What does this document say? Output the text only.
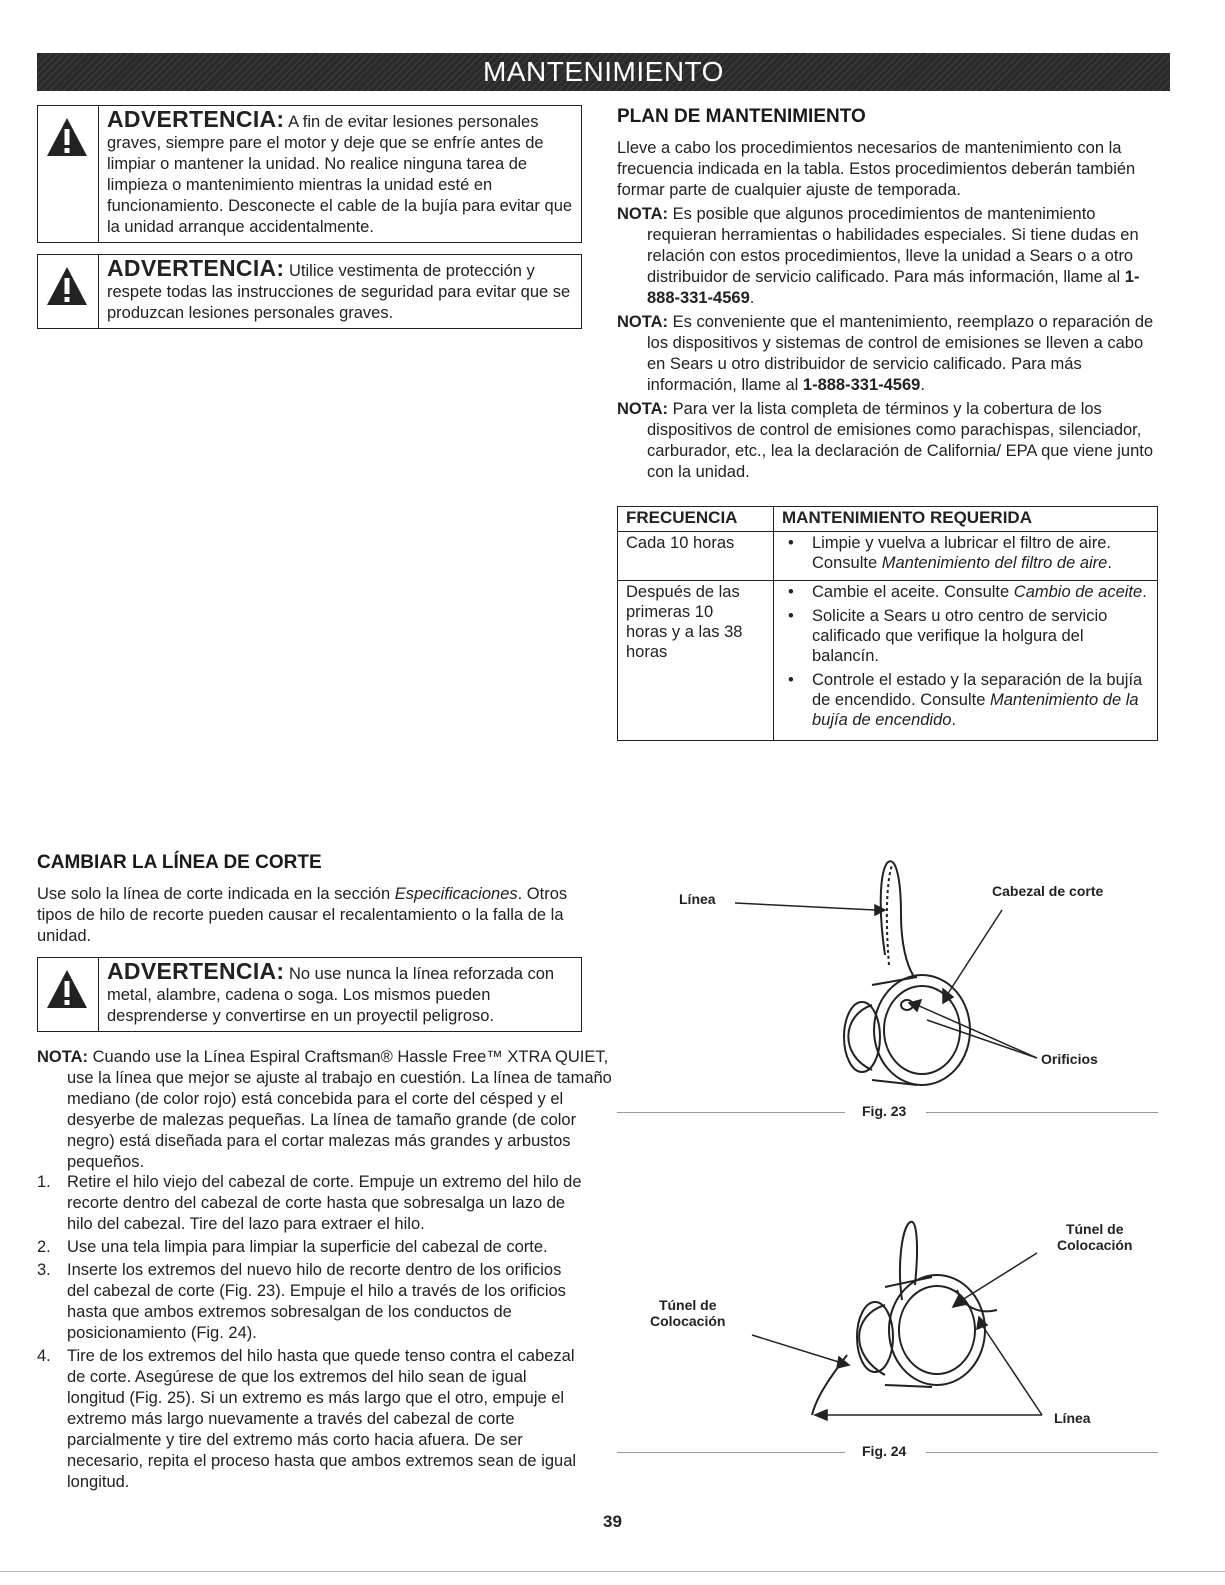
MANTENIMIENTO
ADVERTENCIA: A fin de evitar lesiones personales graves, siempre pare el motor y deje que se enfríe antes de limpiar o mantener la unidad. No realice ninguna tarea de limpieza o mantenimiento mientras la unidad esté en funcionamiento. Desconecte el cable de la bujía para evitar que la unidad arranque accidentalmente.
ADVERTENCIA: Utilice vestimenta de protección y respete todas las instrucciones de seguridad para evitar que se produzcan lesiones personales graves.
PLAN DE MANTENIMIENTO
Lleve a cabo los procedimientos necesarios de mantenimiento con la frecuencia indicada en la tabla. Estos procedimientos deberán también formar parte de cualquier ajuste de temporada.
NOTA: Es posible que algunos procedimientos de mantenimiento requieran herramientas o habilidades especiales. Si tiene dudas en relación con estos procedimientos, lleve la unidad a Sears o a otro distribuidor de servicio calificado. Para más información, llame al 1-888-331-4569.
NOTA: Es conveniente que el mantenimiento, reemplazo o reparación de los dispositivos y sistemas de control de emisiones se lleven a cabo en Sears u otro distribuidor de servicio calificado. Para más información, llame al 1-888-331-4569.
NOTA: Para ver la lista completa de términos y la cobertura de los dispositivos de control de emisiones como parachispas, silenciador, carburador, etc., lea la declaración de California/ EPA que viene junto con la unidad.
FRECUENCIA	MANTENIMIENTO REQUERIDA
Cada 10 horas	• Limpie y vuelva a lubricar el filtro de aire. Consulte Mantenimiento del filtro de aire.

Después de las primeras 10 horas y a las 38 horas	• Cambie el aceite. Consulte Cambio de aceite.
• Solicite a Sears u otro centro de servicio calificado que verifique la holgura del balancín.
• Controle el estado y la separación de la bujía de encendido. Consulte Mantenimiento de la bujía de encendido.
CAMBIAR LA LÍNEA DE CORTE
Use solo la línea de corte indicada en la sección Especificaciones. Otros tipos de hilo de recorte pueden causar el recalentamiento o la falla de la unidad.
ADVERTENCIA: No use nunca la línea reforzada con metal, alambre, cadena o soga. Los mismos pueden desprenderse y convertirse en un proyectil peligroso.
NOTA: Cuando use la Línea Espiral Craftsman® Hassle Free™ XTRA QUIET, use la línea que mejor se ajuste al trabajo en cuestión. La línea de tamaño mediano (de color rojo) está concebida para el corte del césped y el desyerbe de malezas pequeñas. La línea de tamaño grande (de color negro) está diseñada para el cortar malezas más grandes y arbustos pequeños.
1. Retire el hilo viejo del cabezal de corte. Empuje un extremo del hilo de recorte dentro del cabezal de corte hasta que sobresalga un lazo de hilo del cabezal. Tire del lazo para extraer el hilo.
2. Use una tela limpia para limpiar la superficie del cabezal de corte.
3. Inserte los extremos del nuevo hilo de recorte dentro de los orificios del cabezal de corte (Fig. 23). Empuje el hilo a través de los orificios hasta que ambos extremos sobresalgan de los conductos de posicionamiento (Fig. 24).
4. Tire de los extremos del hilo hasta que quede tenso contra el cabezal de corte. Asegúrese de que los extremos del hilo sean de igual longitud (Fig. 25). Si un extremo es más largo que el otro, empuje el extremo más largo nuevamente a través del cabezal de corte parcialmente y tire del extremo más corto hacia afuera. De ser necesario, repita el proceso hasta que ambos extremos sean de igual longitud.
Línea	Cabezal de corte
Orificios
Fig. 23
Túnel de
Colocación
Túnel de
Colocación
Línea
Fig. 24
39
